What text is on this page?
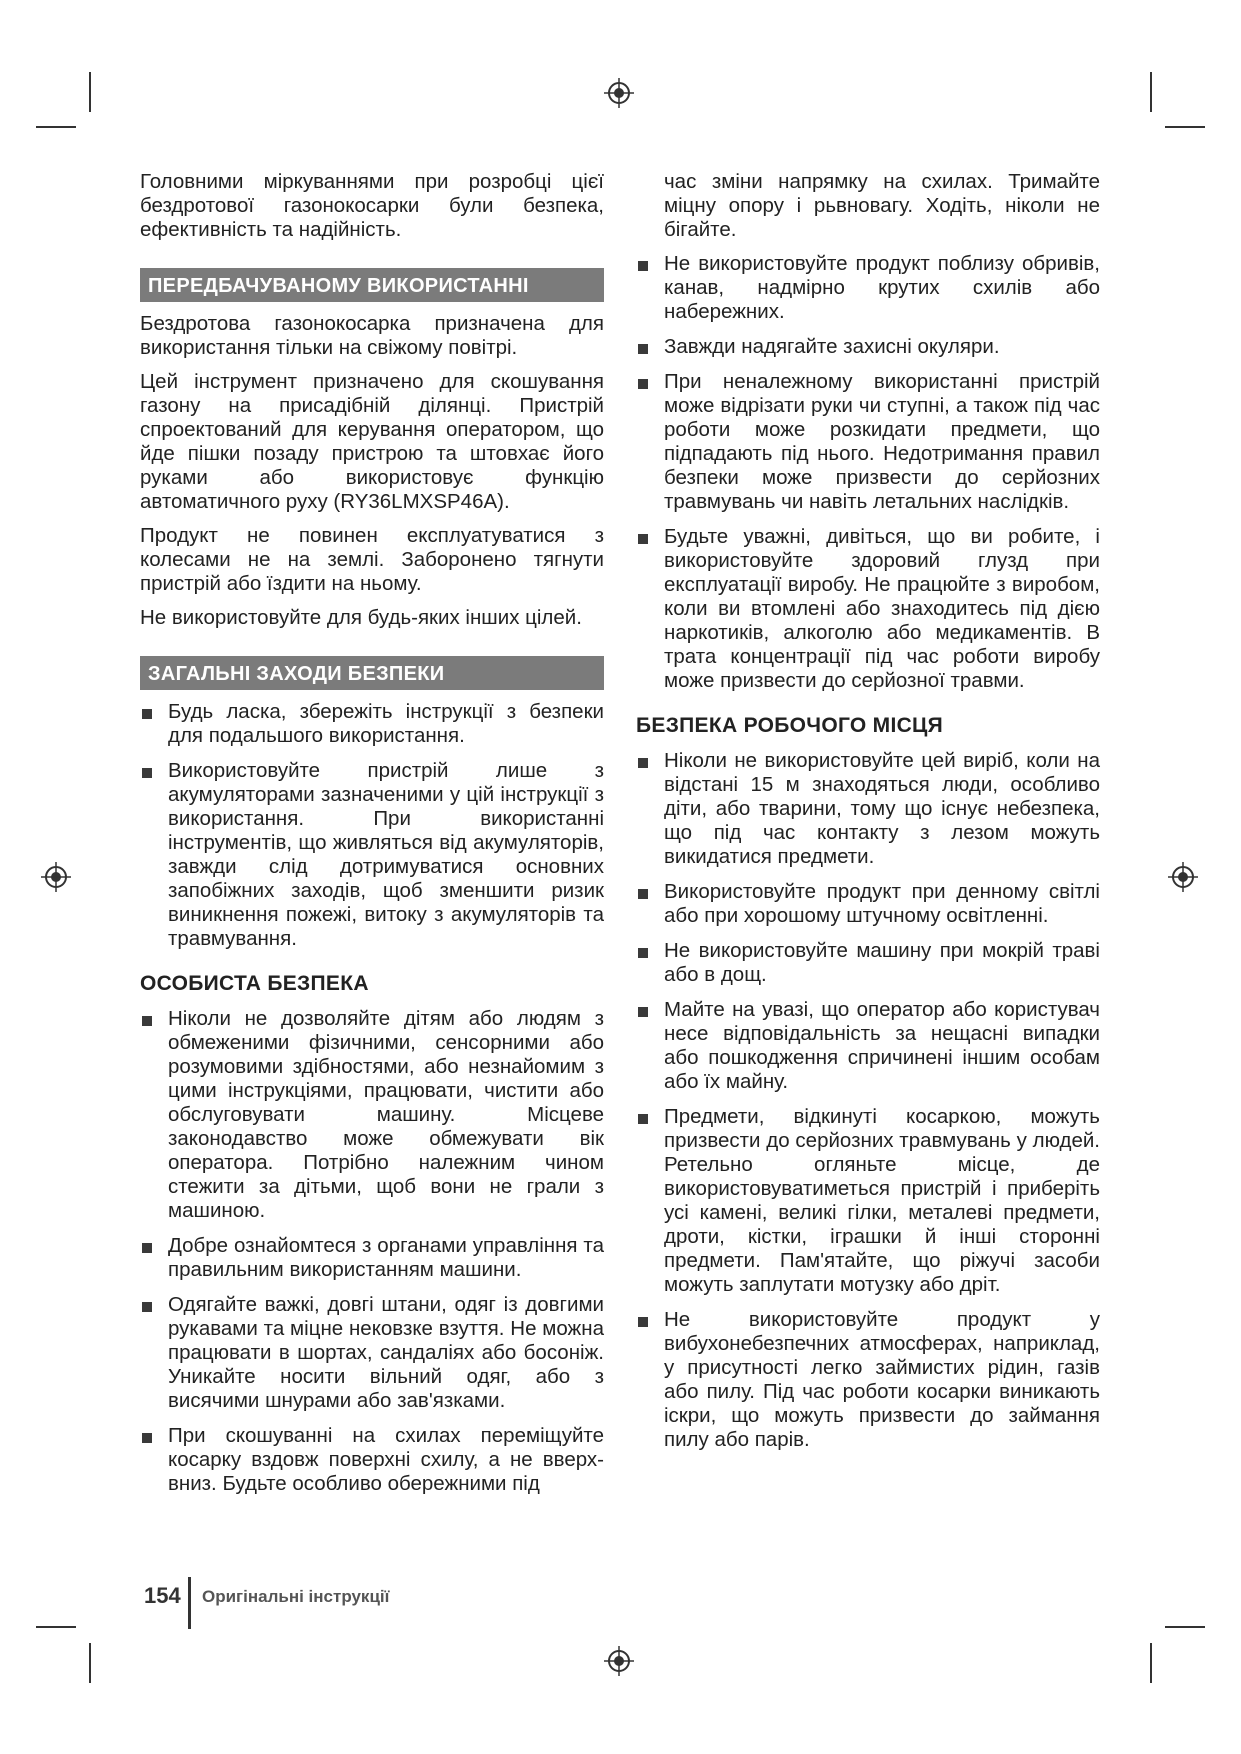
Головними міркуваннями при розробці цієї бездротової газонокосарки були безпека, ефективність та надійність.

ПЕРЕДБАЧУВАНОМУ ВИКОРИСТАННІ

Бездротова газонокосарка призначена для використання тільки на свіжому повітрі.

Цей інструмент призначено для скошування газону на присадібній ділянці. Пристрій спроектований для керування оператором, що йде пішки позаду пристрою та штовхає його руками або використовує функцію автоматичного руху (RY36LMXSP46A).

Продукт не повинен експлуатуватися з колесами не на землі. Заборонено тягнути пристрій або їздити на ньому.

Не використовуйте для будь-яких інших цілей.

ЗАГАЛЬНІ ЗАХОДИ БЕЗПЕКИ
Будь ласка, збережіть інструкції з безпеки для подальшого використання.
Використовуйте пристрій лише з акумуляторами зазначеними у цій інструкції з використання. При використанні інструментів, що живляться від акумуляторів, завжди слід дотримуватися основних запобіжних заходів, щоб зменшити ризик виникнення пожежі, витоку з акумуляторів та травмування.
ОСОБИСТА БЕЗПЕКА
Ніколи не дозволяйте дітям або людям з обмеженими фізичними, сенсорними або розумовими здібностями, або незнайомим з цими інструкціями, працювати, чистити або обслуговувати машину. Місцеве законодавство може обмежувати вік оператора. Потрібно належним чином стежити за дітьми, щоб вони не грали з машиною.
Добре ознайомтеся з органами управління та правильним використанням машини.
Одягайте важкі, довгі штани, одяг із довгими рукавами та міцне нековзке взуття. Не можна працювати в шортах, сандаліях або босоніж. Уникайте носити вільний одяг, або з висячими шнурами або зав'язками.
При скошуванні на схилах переміщуйте косарку вздовж поверхні схилу, а не вверх-вниз. Будьте особливо обережними під

час зміни напрямку на схилах. Тримайте міцну опору і рьвновагу. Ходіть, ніколи не бігайте.

Не використовуйте продукт поблизу обривів, канав, надмірно крутих схилів або набережних.
Завжди надягайте захисні окуляри.
При неналежному використанні пристрій може відрізати руки чи ступні, а також під час роботи може розкидати предмети, що підпадають під нього. Недотримання правил безпеки може призвести до серйозних травмувань чи навіть летальних наслідків.
Будьте уважні, дивіться, що ви робите, і використовуйте здоровий глузд при експлуатації виробу. Не працюйте з виробом, коли ви втомлені або знаходитесь під дією наркотиків, алкоголю або медикаментів. В трата концентрації під час роботи виробу може призвести до серйозної травми.
БЕЗПЕКА РОБОЧОГО МІСЦЯ
Ніколи не використовуйте цей виріб, коли на відстані 15 м знаходяться люди, особливо діти, або тварини, тому що існує небезпека, що під час контакту з лезом можуть викидатися предмети.
Використовуйте продукт при денному світлі або при хорошому штучному освітленні.
Не використовуйте машину при мокрій траві або в дощ.
Майте на увазі, що оператор або користувач несе відповідальність за нещасні випадки або пошкодження спричинені іншим особам або їх майну.
Предмети, відкинуті косаркою, можуть призвести до серйозних травмувань у людей. Ретельно огляньте місце, де використовуватиметься пристрій і приберіть усі камені, великі гілки, металеві предмети, дроти, кістки, іграшки й інші сторонні предмети. Пам'ятайте, що ріжучі засоби можуть заплутати мотузку або дріт.
Не використовуйте продукт у вибухонебезпечних атмосферах, наприклад, у присутності легко займистих рідин, газів або пилу. Під час роботи косарки виникають іскри, що можуть призвести до займання пилу або парів.
154 Оригінальні інструкції
